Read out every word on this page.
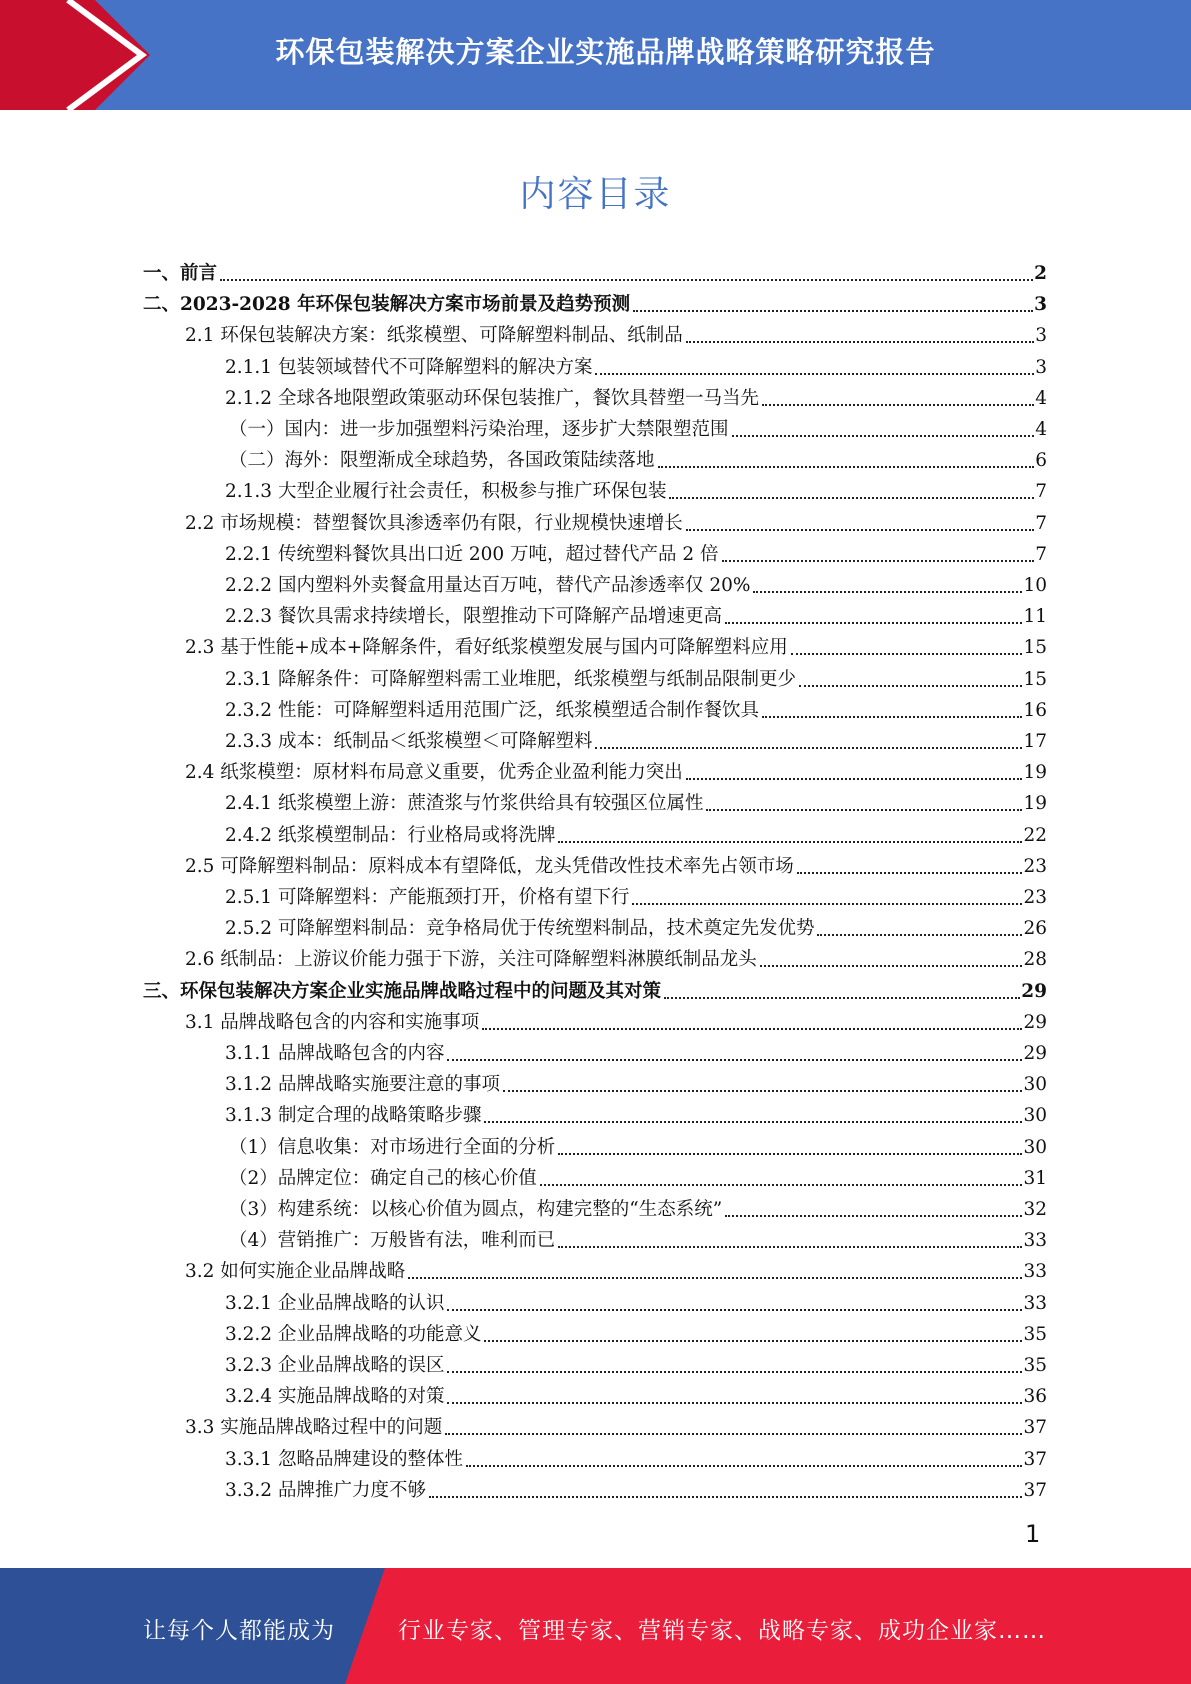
环保包装解决方案企业实施品牌战略策略研究报告
内容目录
一、前言	2
二、2023-2028 年环保包装解决方案市场前景及趋势预测	3
2.1 环保包装解决方案：纸浆模塑、可降解塑料制品、纸制品	3
2.1.1 包装领域替代不可降解塑料的解决方案	3
2.1.2 全球各地限塑政策驱动环保包装推广，餐饮具替塑一马当先	4
（一）国内：进一步加强塑料污染治理，逐步扩大禁限塑范围	4
（二）海外：限塑渐成全球趋势，各国政策陆续落地	6
2.1.3 大型企业履行社会责任，积极参与推广环保包装	7
2.2 市场规模：替塑餐饮具渗透率仍有限，行业规模快速增长	7
2.2.1 传统塑料餐饮具出口近 200 万吨，超过替代产品 2 倍	7
2.2.2 国内塑料外卖餐盒用量达百万吨，替代产品渗透率仅 20%	10
2.2.3 餐饮具需求持续增长，限塑推动下可降解产品增速更高	11
2.3 基于性能+成本+降解条件，看好纸浆模塑发展与国内可降解塑料应用	15
2.3.1 降解条件：可降解塑料需工业堆肥，纸浆模塑与纸制品限制更少	15
2.3.2 性能：可降解塑料适用范围广泛，纸浆模塑适合制作餐饮具	16
2.3.3 成本：纸制品＜纸浆模塑＜可降解塑料	17
2.4 纸浆模塑：原材料布局意义重要，优秀企业盈利能力突出	19
2.4.1 纸浆模塑上游：蔗渣浆与竹浆供给具有较强区位属性	19
2.4.2 纸浆模塑制品：行业格局或将洗牌	22
2.5 可降解塑料制品：原料成本有望降低，龙头凭借改性技术率先占领市场	23
2.5.1 可降解塑料：产能瓶颈打开，价格有望下行	23
2.5.2 可降解塑料制品：竞争格局优于传统塑料制品，技术奠定先发优势	26
2.6 纸制品：上游议价能力强于下游，关注可降解塑料淋膜纸制品龙头	28
三、环保包装解决方案企业实施品牌战略过程中的问题及其对策	29
3.1 品牌战略包含的内容和实施事项	29
3.1.1 品牌战略包含的内容	29
3.1.2 品牌战略实施要注意的事项	30
3.1.3 制定合理的战略策略步骤	30
（1）信息收集：对市场进行全面的分析	30
（2）品牌定位：确定自己的核心价值	31
（3）构建系统：以核心价值为圆点，构建完整的“生态系统”	32
（4）营销推广：万般皆有法，唯利而已	33
3.2 如何实施企业品牌战略	33
3.2.1 企业品牌战略的认识	33
3.2.2 企业品牌战略的功能意义	35
3.2.3 企业品牌战略的误区	35
3.2.4 实施品牌战略的对策	36
3.3 实施品牌战略过程中的问题	37
3.3.1 忽略品牌建设的整体性	37
3.3.2 品牌推广力度不够	37
1
让每个人都能成为	行业专家、管理专家、营销专家、战略专家、成功企业家……
